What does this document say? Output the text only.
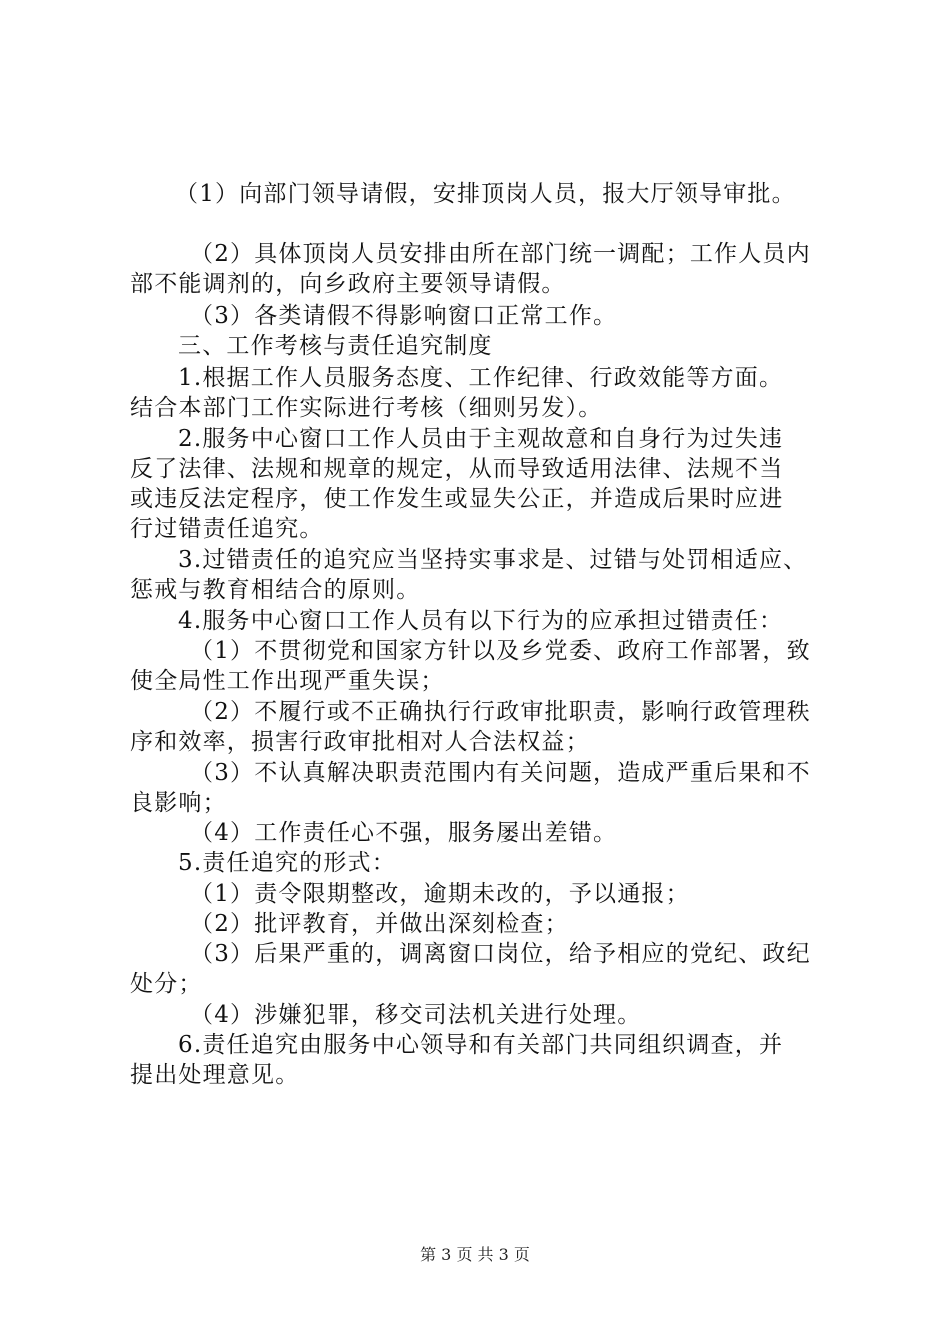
（1）向部门领导请假，安排顶岗人员，报大厅领导审批。
（2）具体顶岗人员安排由所在部门统一调配；工作人员内
部不能调剂的，向乡政府主要领导请假。
（3）各类请假不得影响窗口正常工作。
三、工作考核与责任追究制度
1.根据工作人员服务态度、工作纪律、行政效能等方面。
结合本部门工作实际进行考核（细则另发）。
2.服务中心窗口工作人员由于主观故意和自身行为过失违
反了法律、法规和规章的规定，从而导致适用法律、法规不当
或违反法定程序，使工作发生或显失公正，并造成后果时应进
行过错责任追究。
3.过错责任的追究应当坚持实事求是、过错与处罚相适应、
惩戒与教育相结合的原则。
4.服务中心窗口工作人员有以下行为的应承担过错责任：
（1）不贯彻党和国家方针以及乡党委、政府工作部署，致
使全局性工作出现严重失误；
（2）不履行或不正确执行行政审批职责，影响行政管理秩
序和效率，损害行政审批相对人合法权益；
（3）不认真解决职责范围内有关问题，造成严重后果和不
良影响；
（4）工作责任心不强，服务屡出差错。
5.责任追究的形式：
（1）责令限期整改，逾期未改的，予以通报；
（2）批评教育，并做出深刻检查；
（3）后果严重的，调离窗口岗位，给予相应的党纪、政纪
处分；
（4）涉嫌犯罪，移交司法机关进行处理。
6.责任追究由服务中心领导和有关部门共同组织调查，并
提出处理意见。
第 3 页 共 3 页
